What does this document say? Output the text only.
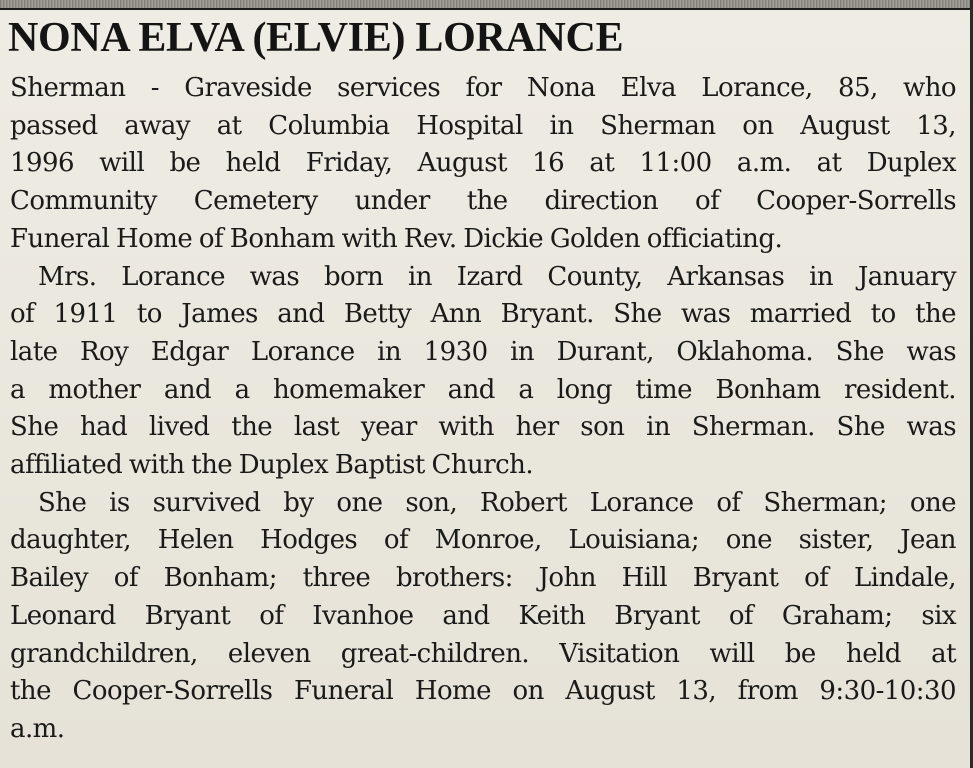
NONA ELVA (ELVIE) LORANCE

Sherman - Graveside services for Nona Elva Lorance, 85, who
passed away at Columbia Hospital in Sherman on August 13,
1996 will be held Friday, August 16 at 11:00 a.m. at Duplex
Community Cemetery under the direction of Cooper-Sorrells
Funeral Home of Bonham with Rev. Dickie Golden officiating.

Mrs. Lorance was born in Izard County, Arkansas in January
of 1911 to James and Betty Ann Bryant. She was married to the
late Roy Edgar Lorance in 1930 in Durant, Oklahoma. She was
a mother and a homemaker and a long time Bonham resident.
She had lived the last year with her son in Sherman. She was
affiliated with the Duplex Baptist Church.

She is survived by one son, Robert Lorance of Sherman; one
daughter, Helen Hodges of Monroe, Louisiana; one sister, Jean
Bailey of Bonham; three brothers: John Hill Bryant of Lindale,
Leonard Bryant of Ivanhoe and Keith Bryant of Graham; six
grandchildren, eleven great-children. Visitation will be held at
the Cooper-Sorrells Funeral Home on August 13, from 9:30-10:30
a.m.
